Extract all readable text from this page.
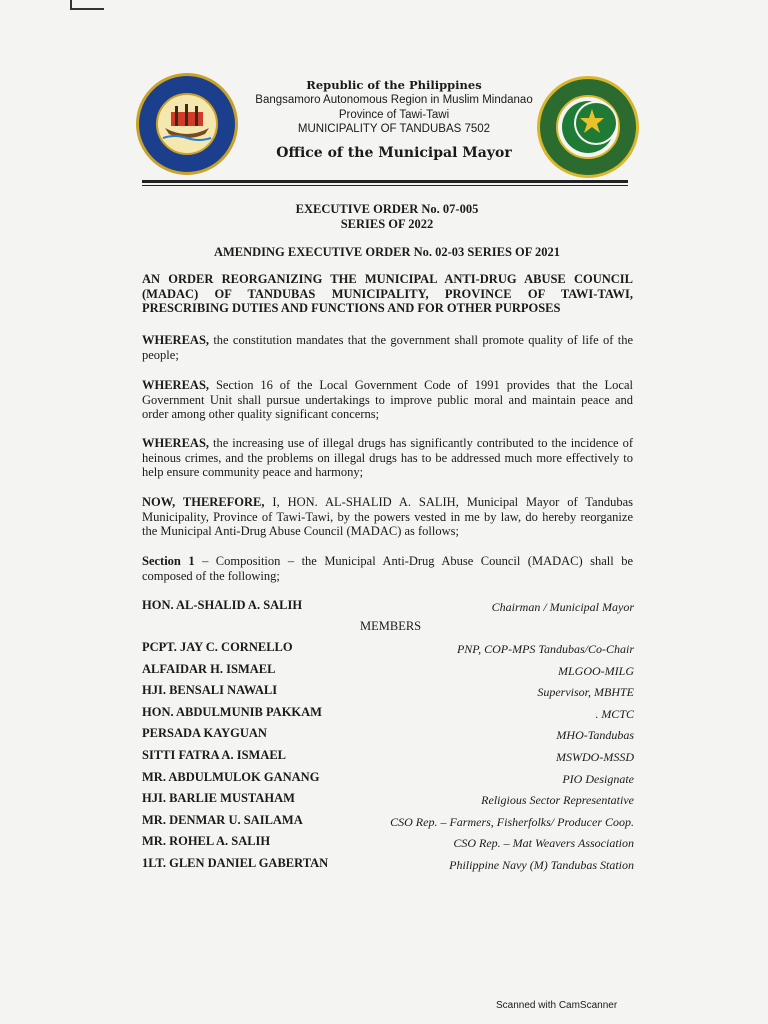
Republic of the Philippines
Bangsamoro Autonomous Region in Muslim Mindanao
Province of Tawi-Tawi
MUNICIPALITY OF TANDUBAS 7502
Office of the Municipal Mayor
EXECUTIVE ORDER No. 07-005
SERIES OF 2022
AMENDING EXECUTIVE ORDER No. 02-03 SERIES OF 2021
AN ORDER REORGANIZING THE MUNICIPAL ANTI-DRUG ABUSE COUNCIL (MADAC) OF TANDUBAS MUNICIPALITY, PROVINCE OF TAWI-TAWI, PRESCRIBING DUTIES AND FUNCTIONS AND FOR OTHER PURPOSES
WHEREAS, the constitution mandates that the government shall promote quality of life of the people;
WHEREAS, Section 16 of the Local Government Code of 1991 provides that the Local Government Unit shall pursue undertakings to improve public moral and maintain peace and order among other quality significant concerns;
WHEREAS, the increasing use of illegal drugs has significantly contributed to the incidence of heinous crimes, and the problems on illegal drugs has to be addressed much more effectively to help ensure community peace and harmony;
NOW, THEREFORE, I, HON. AL-SHALID A. SALIH, Municipal Mayor of Tandubas Municipality, Province of Tawi-Tawi, by the powers vested in me by law, do hereby reorganize the Municipal Anti-Drug Abuse Council (MADAC) as follows;
Section 1 – Composition – the Municipal Anti-Drug Abuse Council (MADAC) shall be composed of the following;
HON. AL-SHALID A. SALIH	Chairman / Municipal Mayor
MEMBERS
PCPT. JAY C. CORNELLO	PNP, COP-MPS Tandubas/Co-Chair
ALFAIDAR H. ISMAEL	MLGOO-MILG
HJI. BENSALI NAWALI	Supervisor, MBHTE
HON. ABDULMUNIB PAKKAM	. MCTC
PERSADA KAYGUAN	MHO-Tandubas
SITTI FATRA A. ISMAEL	MSWDO-MSSD
MR. ABDULMULOK GANANG	PIO Designate
HJI. BARLIE MUSTAHAM	Religious Sector Representative
MR. DENMAR U. SAILAMA	CSO Rep. – Farmers, Fisherfolks/ Producer Coop.
MR. ROHEL A. SALIH	CSO Rep. – Mat Weavers Association
1LT. GLEN DANIEL GABERTAN	Philippine Navy (M) Tandubas Station
Scanned with CamScanner
